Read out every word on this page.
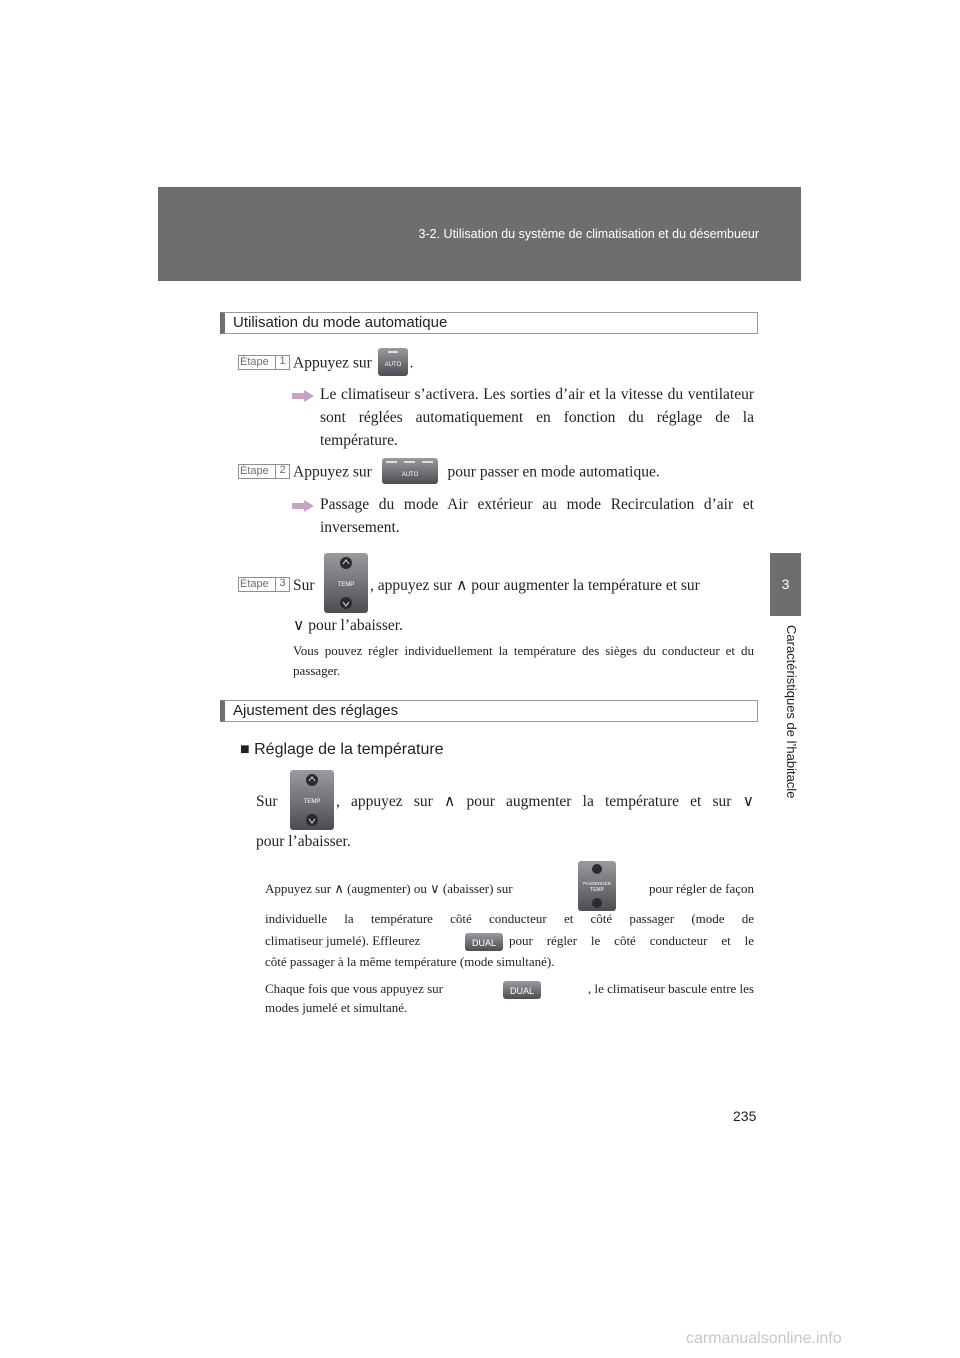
3-2. Utilisation du système de climatisation et du désembueur
3
Caractéristiques de l’habitacle
Utilisation du mode automatique
Étape 1 Appuyez sur AUTO .
Le climatiseur s’activera. Les sorties d’air et la vitesse du ventilateur sont réglées automatiquement en fonction du réglage de la température.
Étape 2 Appuyez sur	AUTO pour passer en mode automatique.
Passage du mode Air extérieur au mode Recirculation d’air et inversement.
Étape 3 Sur	TEMP , appuyez sur ∧ pour augmenter la température et sur
∨ pour l’abaisser.
Vous pouvez régler individuellement la température des sièges du conducteur et du passager.
Ajustement des réglages
■ Réglage de la température
Sur	TEMP , appuyez sur ∧ pour augmenter la température et sur ∨
pour l’abaisser.
Appuyez sur ∧ (augmenter) ou ∨ (abaisser) sur	PASSENGER
TEMP	pour régler de façon
individuelle la température côté conducteur et côté passager (mode de
climatiseur jumelé). Effleurez	DUAL pour régler le côté conducteur et le
côté passager à la même température (mode simultané).
Chaque fois que vous appuyez sur	DUAL	, le climatiseur bascule entre les
modes jumelé et simultané.
235
carmanualsonline.info
